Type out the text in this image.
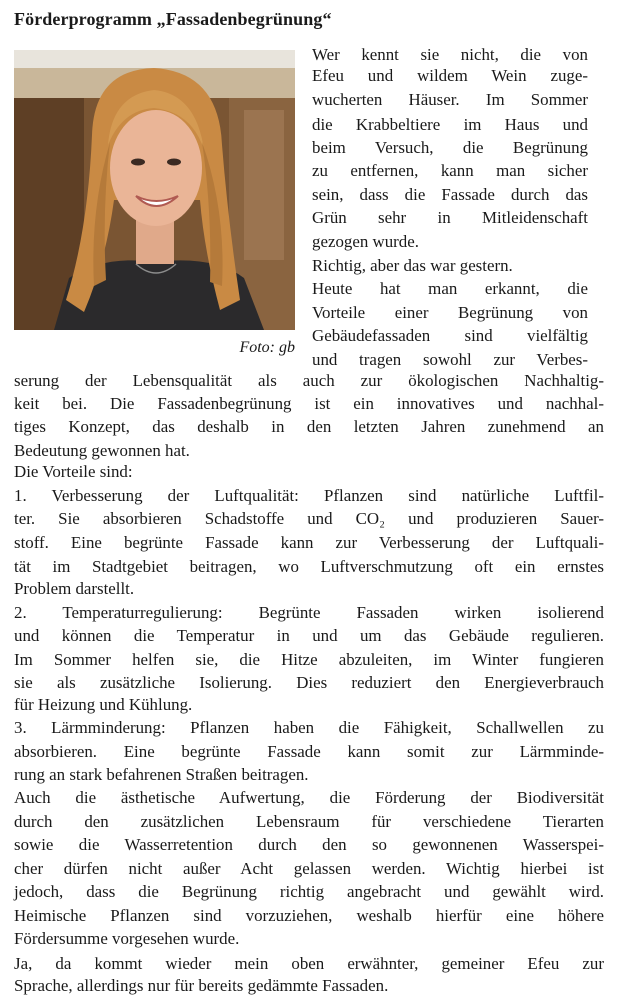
Förderprogramm „Fassadenbegrünung“
Foto: gb
Wer kennt sie nicht, die von
Efeu und wildem Wein zuge-
wucherten Häuser. Im Sommer
die Krabbeltiere im Haus und
beim Versuch, die Begrünung
zu entfernen, kann man sicher
sein, dass die Fassade durch das
Grün sehr in Mitleidenschaft
gezogen wurde.
Richtig, aber das war gestern.
Heute hat man erkannt, die
Vorteile einer Begrünung von
Gebäudefassaden sind vielfältig
und tragen sowohl zur Verbes-
serung der Lebensqualität als auch zur ökologischen Nachhaltig-
keit bei. Die Fassadenbegrünung ist ein innovatives und nachhal-
tiges Konzept, das deshalb in den letzten Jahren zunehmend an
Bedeutung gewonnen hat.
Die Vorteile sind:
1. Verbesserung der Luftqualität: Pflanzen sind natürliche Luftfil-
ter. Sie absorbieren Schadstoffe und CO₂ und produzieren Sauer-
stoff. Eine begrünte Fassade kann zur Verbesserung der Luftquali-
tät im Stadtgebiet beitragen, wo Luftverschmutzung oft ein ernstes
Problem darstellt.
2. Temperaturregulierung: Begrünte Fassaden wirken isolierend
und können die Temperatur in und um das Gebäude regulieren.
Im Sommer helfen sie, die Hitze abzuleiten, im Winter fungieren
sie als zusätzliche Isolierung. Dies reduziert den Energieverbrauch
für Heizung und Kühlung.
3. Lärmminderung: Pflanzen haben die Fähigkeit, Schallwellen zu
absorbieren. Eine begrünte Fassade kann somit zur Lärmminde-
rung an stark befahrenen Straßen beitragen.
Auch die ästhetische Aufwertung, die Förderung der Biodiversität
durch den zusätzlichen Lebensraum für verschiedene Tierarten
sowie die Wasserretention durch den so gewonnenen Wasserspei-
cher dürfen nicht außer Acht gelassen werden. Wichtig hierbei ist
jedoch, dass die Begrünung richtig angebracht und gewählt wird.
Heimische Pflanzen sind vorzuziehen, weshalb hierfür eine höhere
Fördersumme vorgesehen wurde.
Ja, da kommt wieder mein oben erwähnter, gemeiner Efeu zur
Sprache, allerdings nur für bereits gedämmte Fassaden.
